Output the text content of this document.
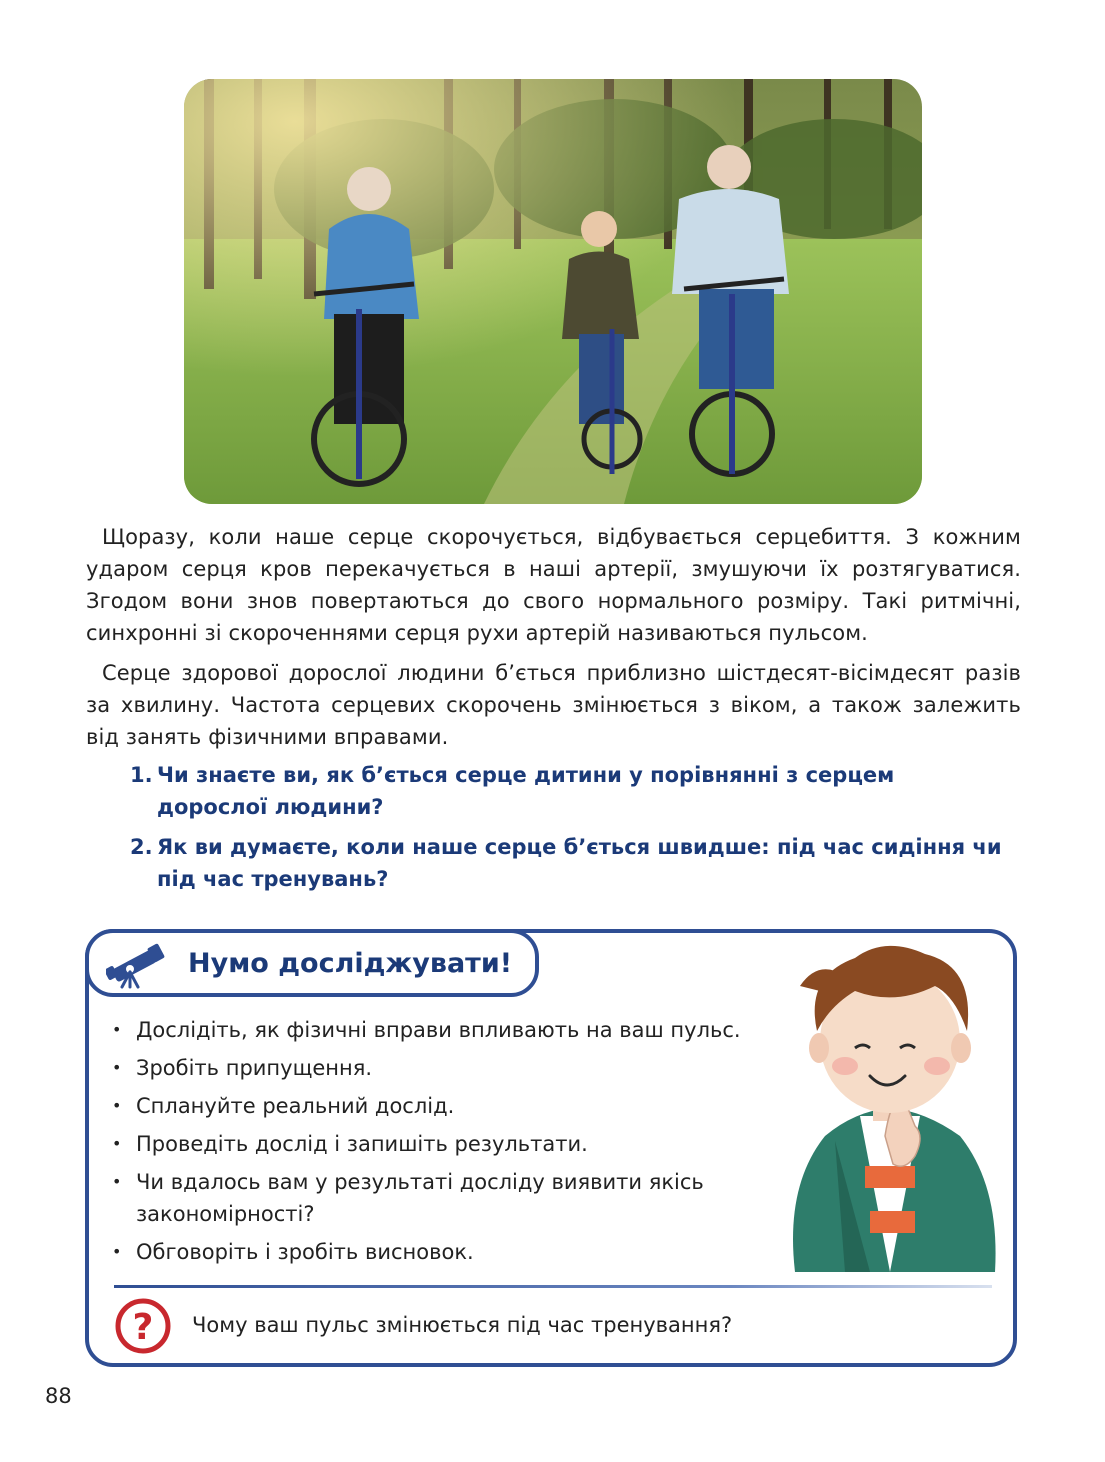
Щоразу, коли наше серце скорочується, відбувається серцебиття. З кожним ударом серця кров перекачується в наші артерії, змушуючи їх розтягуватися. Згодом вони знов повертаються до свого нормального розміру. Такі ритмічні, синхронні зі скороченнями серця рухи артерій називаються пульсом.

Серце здорової дорослої людини б’ється приблизно шістдесят-вісімдесят разів за хвилину. Частота серцевих скорочень змінюється з віком, а також залежить від занять фізичними вправами.

1. Чи знаєте ви, як б’ється серце дитини у порівнянні з серцем дорослої людини?
2. Як ви думаєте, коли наше серце б’ється швидше: під час сидіння чи під час тренувань?
Нумо досліджувати!
• Дослідіть, як фізичні вправи впливають на ваш пульс.
• Зробіть припущення.
• Сплануйте реальний дослід.
• Проведіть дослід і запишіть результати.
• Чи вдалось вам у результаті досліду виявити якісь закономірності?
• Обговоріть і зробіть висновок.
? Чому ваш пульс змінюється під час тренування?
88
